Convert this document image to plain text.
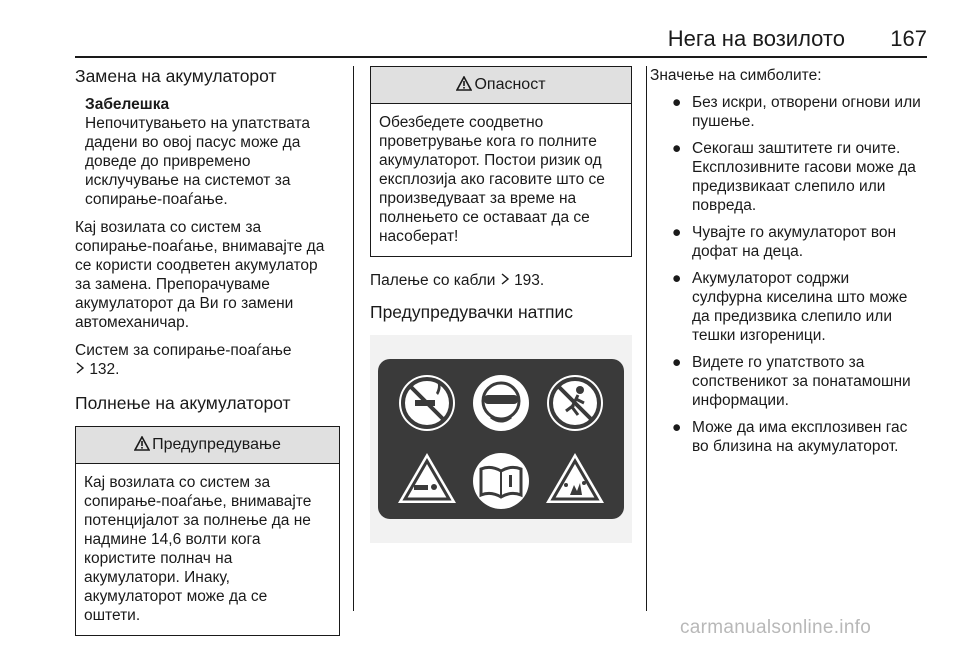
Нега на возилото 167
Замена на акумулаторот
Забелешка
Непочитувањето на упатствата
дадени во овој пасус може да
доведе до привремено
исклучување на системот за
сопирање-поаѓање.

Кај возилата со систем за
сопирање-поаѓање, внимавајте да
се користи соодветен акумулатор
за замена. Препорачуваме
акумулаторот да Ви го замени
автомеханичар.

Систем за сопирање-поаѓање
132.

Полнење на акумулаторот
Предупредување
Кај возилата со систем за
сопирање-поаѓање, внимавајте
потенцијалот за полнење да не
надмине 14,6 волти кога
користите полнач на
акумулатори. Инаку,
акумулаторот може да се
оштети.
Опасност
Обезбедете соодветно
проветрување кога го полните
акумулаторот. Постои ризик од
експлозија ако гасовите што се
произведуваат за време на
полнењето се оставаат да се
насоберат!

Палење со кабли 193.

Предупредувачки натпис
Значење на симболите:
● Без искри, отворени огнови или
пушење.
● Секогаш заштитете ги очите.
Експлозивните гасови може да
предизвикаат слепило или
повреда.
● Чувајте го акумулаторот вон
дофат на деца.
● Акумулаторот содржи
сулфурна киселина што може
да предизвика слепило или
тешки изгореници.
● Видете го упатството за
сопственикот за понатамошни
информации.
● Може да има експлозивен гас
во близина на акумулаторот.
carmanualsonline.info
